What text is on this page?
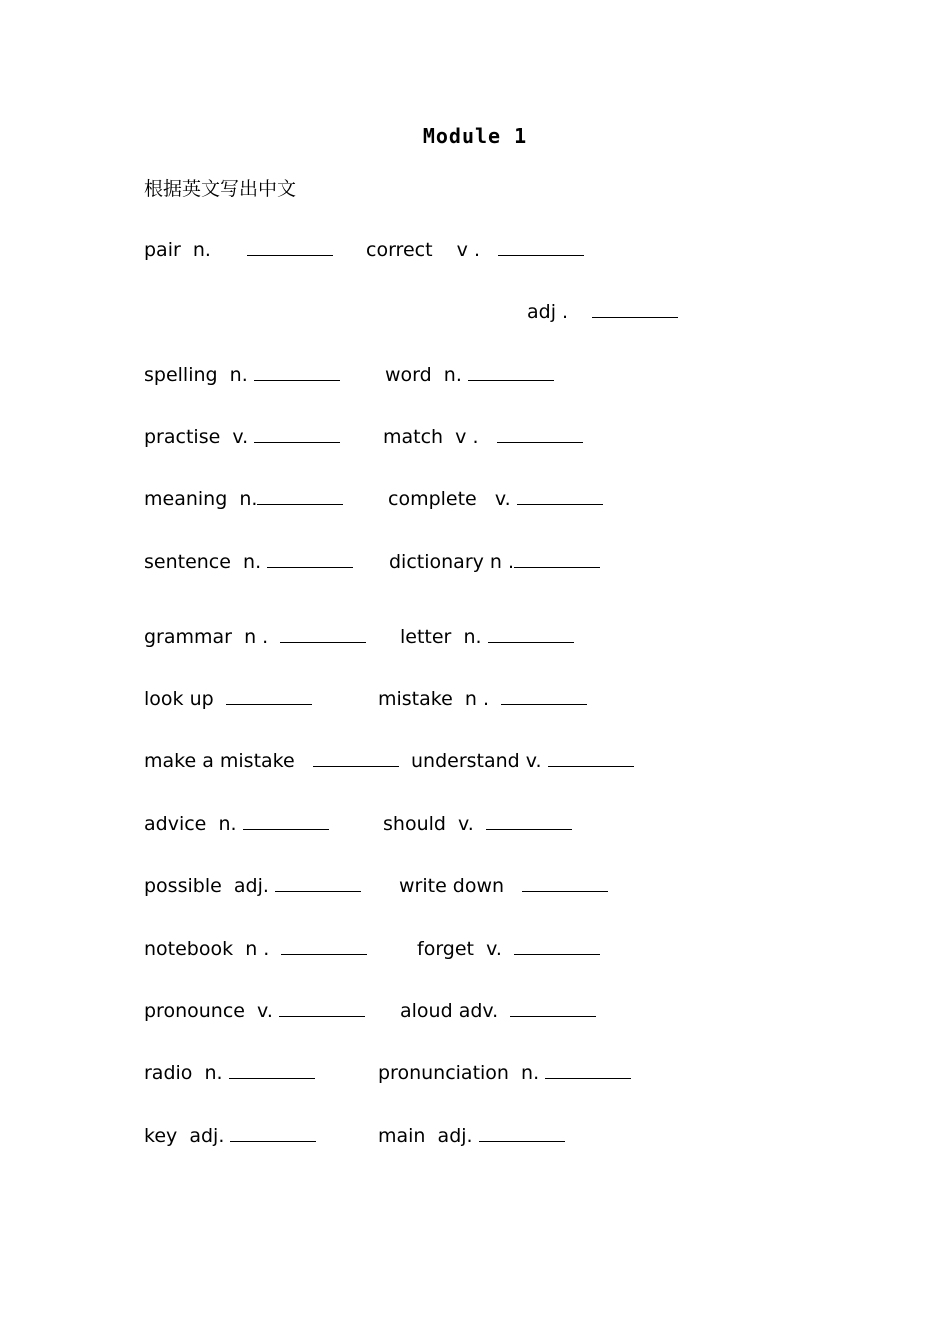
Module 1
根据英文写出中文
pair  n.	correct    v .
adj .
spelling  n.	word  n.
practise  v.	match  v .
meaning  n.	complete   v.
sentence  n.	dictionary n .
grammar  n .	letter  n.
look up	mistake  n .
make a mistake	understand v.
advice  n.	should  v.
possible  adj.	write down
notebook  n .	forget  v.
pronounce  v.	aloud adv.
radio  n.	pronunciation  n.
key  adj.	main  adj.
